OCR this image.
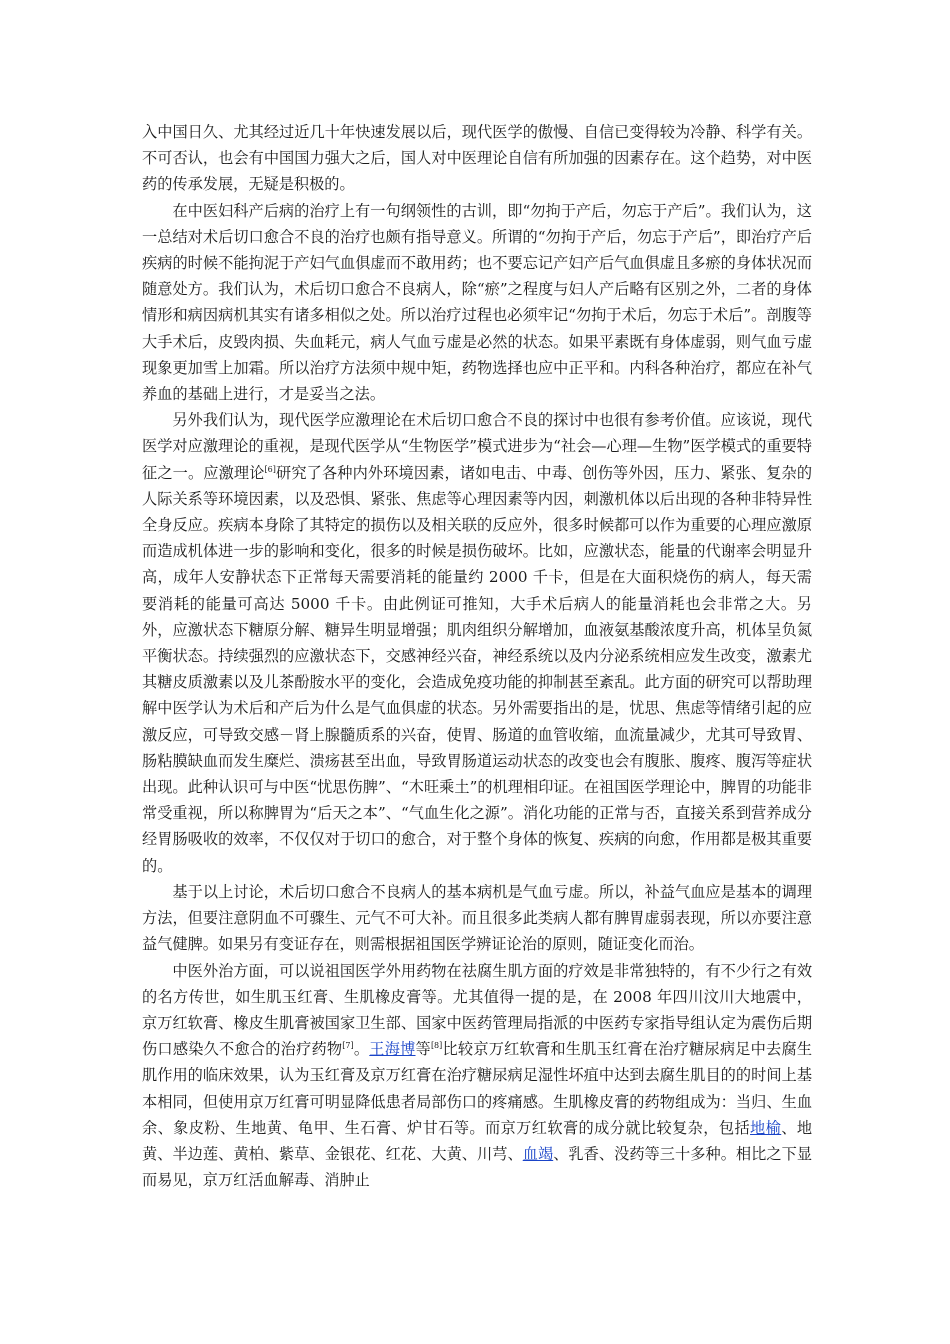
入中国日久、尤其经过近几十年快速发展以后，现代医学的傲慢、自信已变得较为冷静、科学有关。不可否认，也会有中国国力强大之后，国人对中医理论自信有所加强的因素存在。这个趋势，对中医药的传承发展，无疑是积极的。

在中医妇科产后病的治疗上有一句纲领性的古训，即“勿拘于产后，勿忘于产后”。我们认为，这一总结对术后切口愈合不良的治疗也颇有指导意义。所谓的“勿拘于产后，勿忘于产后”，即治疗产后疾病的时候不能拘泥于产妇气血俱虚而不敢用药；也不要忘记产妇产后气血俱虚且多瘀的身体状况而随意处方。我们认为，术后切口愈合不良病人，除“瘀”之程度与妇人产后略有区别之外，二者的身体情形和病因病机其实有诸多相似之处。所以治疗过程也必须牢记“勿拘于术后，勿忘于术后”。剖腹等大手术后，皮毁肉损、失血耗元，病人气血亏虚是必然的状态。如果平素既有身体虚弱，则气血亏虚现象更加雪上加霜。所以治疗方法须中规中矩，药物选择也应中正平和。内科各种治疗，都应在补气养血的基础上进行，才是妥当之法。

另外我们认为，现代医学应激理论在术后切口愈合不良的探讨中也很有参考价值。应该说，现代医学对应激理论的重视，是现代医学从“生物医学”模式进步为“社会—心理—生物”医学模式的重要特征之一。应激理论[6]研究了各种内外环境因素，诸如电击、中毒、创伤等外因，压力、紧张、复杂的人际关系等环境因素，以及恐惧、紧张、焦虑等心理因素等内因，刺激机体以后出现的各种非特异性全身反应。疾病本身除了其特定的损伤以及相关联的反应外，很多时候都可以作为重要的心理应激原而造成机体进一步的影响和变化，很多的时候是损伤破坏。比如，应激状态，能量的代谢率会明显升高，成年人安静状态下正常每天需要消耗的能量约 2000 千卡，但是在大面积烧伤的病人，每天需要消耗的能量可高达 5000 千卡。由此例证可推知，大手术后病人的能量消耗也会非常之大。另外，应激状态下糖原分解、糖异生明显增强；肌肉组织分解增加，血液氨基酸浓度升高，机体呈负氮平衡状态。持续强烈的应激状态下，交感神经兴奋，神经系统以及内分泌系统相应发生改变，激素尤其糖皮质激素以及儿茶酚胺水平的变化，会造成免疫功能的抑制甚至紊乱。此方面的研究可以帮助理解中医学认为术后和产后为什么是气血俱虚的状态。另外需要指出的是，忧思、焦虑等情绪引起的应激反应，可导致交感－肾上腺髓质系的兴奋，使胃、肠道的血管收缩，血流量减少，尤其可导致胃、肠粘膜缺血而发生糜烂、溃疡甚至出血，导致胃肠道运动状态的改变也会有腹胀、腹疼、腹泻等症状出现。此种认识可与中医“忧思伤脾”、“木旺乘土”的机理相印证。在祖国医学理论中，脾胃的功能非常受重视，所以称脾胃为“后天之本”、“气血生化之源”。消化功能的正常与否，直接关系到营养成分经胃肠吸收的效率，不仅仅对于切口的愈合，对于整个身体的恢复、疾病的向愈，作用都是极其重要的。

基于以上讨论，术后切口愈合不良病人的基本病机是气血亏虚。所以，补益气血应是基本的调理方法，但要注意阴血不可骤生、元气不可大补。而且很多此类病人都有脾胃虚弱表现，所以亦要注意益气健脾。如果另有变证存在，则需根据祖国医学辨证论治的原则，随证变化而治。

中医外治方面，可以说祖国医学外用药物在祛腐生肌方面的疗效是非常独特的，有不少行之有效的名方传世，如生肌玉红膏、生肌橡皮膏等。尤其值得一提的是，在 2008 年四川汶川大地震中，京万红软膏、橡皮生肌膏被国家卫生部、国家中医药管理局指派的中医药专家指导组认定为震伤后期伤口感染久不愈合的治疗药物[7]。王海博等[8]比较京万红软膏和生肌玉红膏在治疗糖尿病足中去腐生肌作用的临床效果，认为玉红膏及京万红膏在治疗糖尿病足湿性坏疽中达到去腐生肌目的的时间上基本相同，但使用京万红膏可明显降低患者局部伤口的疼痛感。生肌橡皮膏的药物组成为：当归、生血余、象皮粉、生地黄、龟甲、生石膏、炉甘石等。而京万红软膏的成分就比较复杂，包括地榆、地黄、半边莲、黄柏、紫草、金银花、红花、大黄、川芎、血竭、乳香、没药等三十多种。相比之下显而易见，京万红活血解毒、消肿止
